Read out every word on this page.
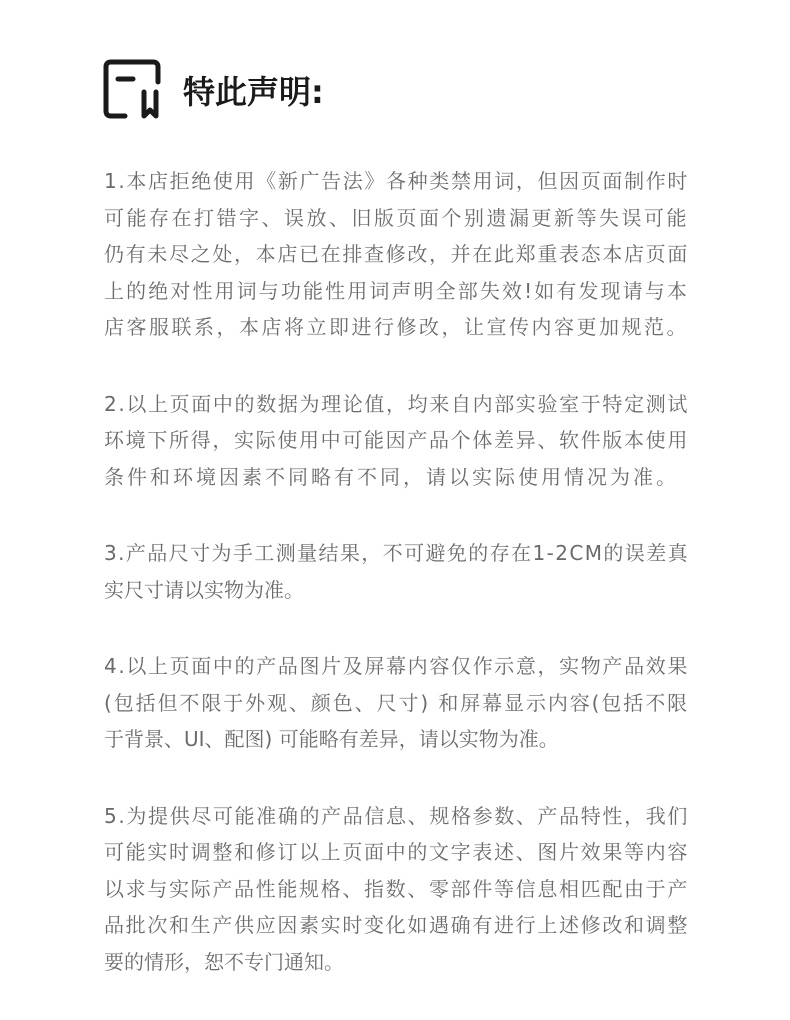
特此声明:

1.本店拒绝使用《新广告法》各种类禁用词，但因页面制作时

可能存在打错字、误放、旧版页面个别遗漏更新等失误可能

仍有未尽之处，本店已在排查修改，并在此郑重表态本店页面

上的绝对性用词与功能性用词声明全部失效!如有发现请与本

店客服联系，本店将立即进行修改，让宣传内容更加规范。

2.以上页面中的数据为理论值，均来自内部实验室于特定测试

环境下所得，实际使用中可能因产品个体差异、软件版本使用

条件和环境因素不同略有不同，请以实际使用情况为准。

3.产品尺寸为手工测量结果，不可避免的存在1-2CM的误差真

实尺寸请以实物为准。

4.以上页面中的产品图片及屏幕内容仅作示意，实物产品效果

(包括但不限于外观、颜色、尺寸) 和屏幕显示内容(包括不限

于背景、UI、配图) 可能略有差异，请以实物为准。

5.为提供尽可能准确的产品信息、规格参数、产品特性，我们

可能实时调整和修订以上页面中的文字表述、图片效果等内容

以求与实际产品性能规格、指数、零部件等信息相匹配由于产

品批次和生产供应因素实时变化如遇确有进行上述修改和调整

要的情形，恕不专门通知。
